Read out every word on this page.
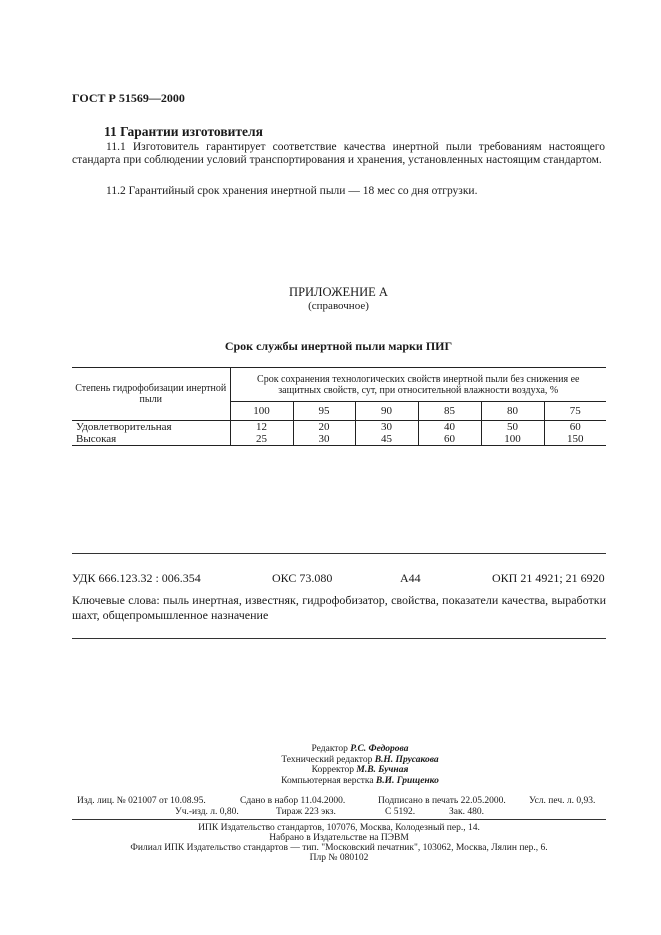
ГОСТ Р 51569—2000
11 Гарантии изготовителя
11.1 Изготовитель гарантирует соответствие качества инертной пыли требованиям настоящего стандарта при соблюдении условий транспортирования и хранения, установленных настоящим стандартом.
11.2 Гарантийный срок хранения инертной пыли — 18 мес со дня отгрузки.
ПРИЛОЖЕНИЕ А
(справочное)
Срок службы инертной пыли марки ПИГ
Степень гидрофобизации инертной пыли	Срок сохранения технологических свойств инертной пыли без снижения ее защитных свойств, сут, при относительной влажности воздуха, %					
	100	95	90	85	80	75
Удовлетворительная	12	20	30	40	50	60
Высокая	25	30	45	60	100	150
УДК 666.123.32 : 006.354	ОКС 73.080	А44	ОКП 21 4921; 21 6920
Ключевые слова: пыль инертная, известняк, гидрофобизатор, свойства, показатели качества, выработки шахт, общепромышленное назначение
Редактор Р.С. Федорова
Технический редактор В.Н. Прусакова
Корректор М.В. Бучная
Компьютерная верстка В.И. Грищенко
Изд. лиц. № 021007 от 10.08.95.	Сдано в набор 11.04.2000.	Подписано в печать 22.05.2000. Усл. печ. л. 0,93.
Уч.-изд. л. 0,80.	Тираж 223 экз.	С 5192.	Зак. 480.
ИПК Издательство стандартов, 107076, Москва, Колодезный пер., 14.
Набрано в Издательстве на ПЭВМ
Филиал ИПК Издательство стандартов — тип. "Московский печатник", 103062, Москва, Лялин пер., 6.
Плр № 080102
